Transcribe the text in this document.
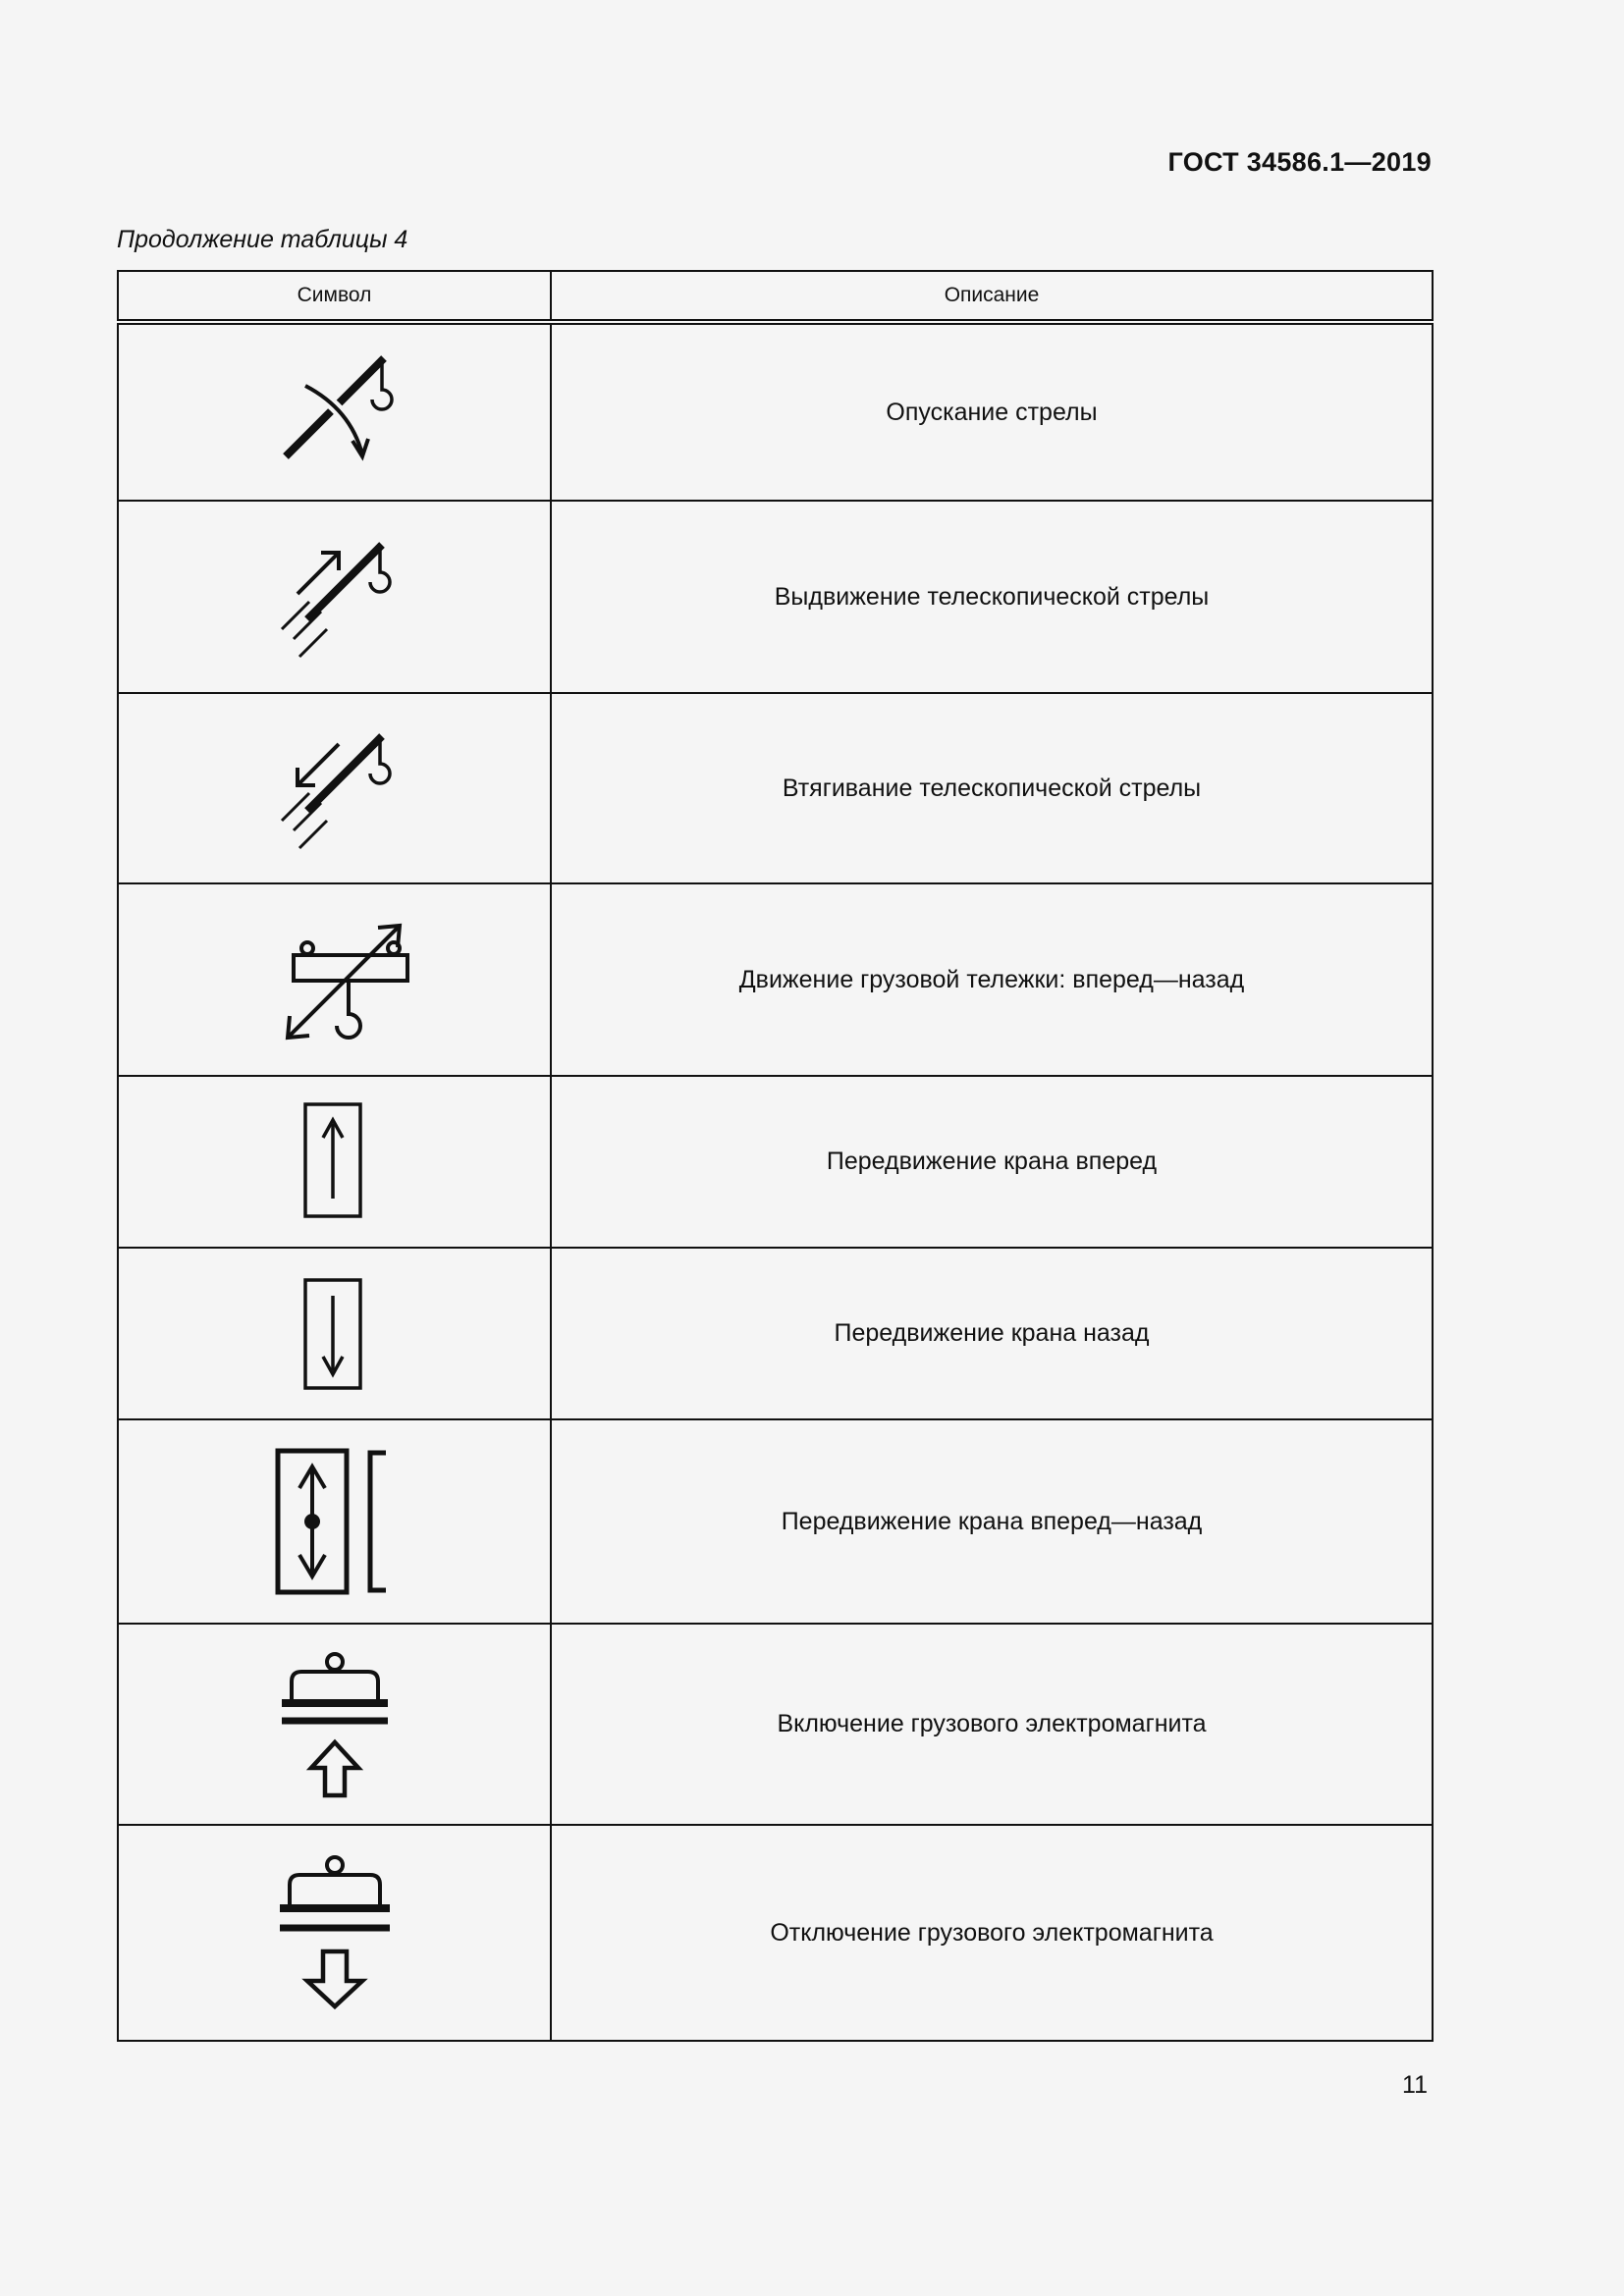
ГОСТ 34586.1—2019
Продолжение таблицы 4
Символ	Описание

	Опускание стрелы

	Выдвижение телескопической стрелы

	Втягивание телескопической стрелы

	Движение грузовой тележки: вперед—назад

	Передвижение крана вперед

	Передвижение крана назад

	Передвижение крана вперед—назад

	Включение грузового электромагнита

	Отключение грузового электромагнита
11
